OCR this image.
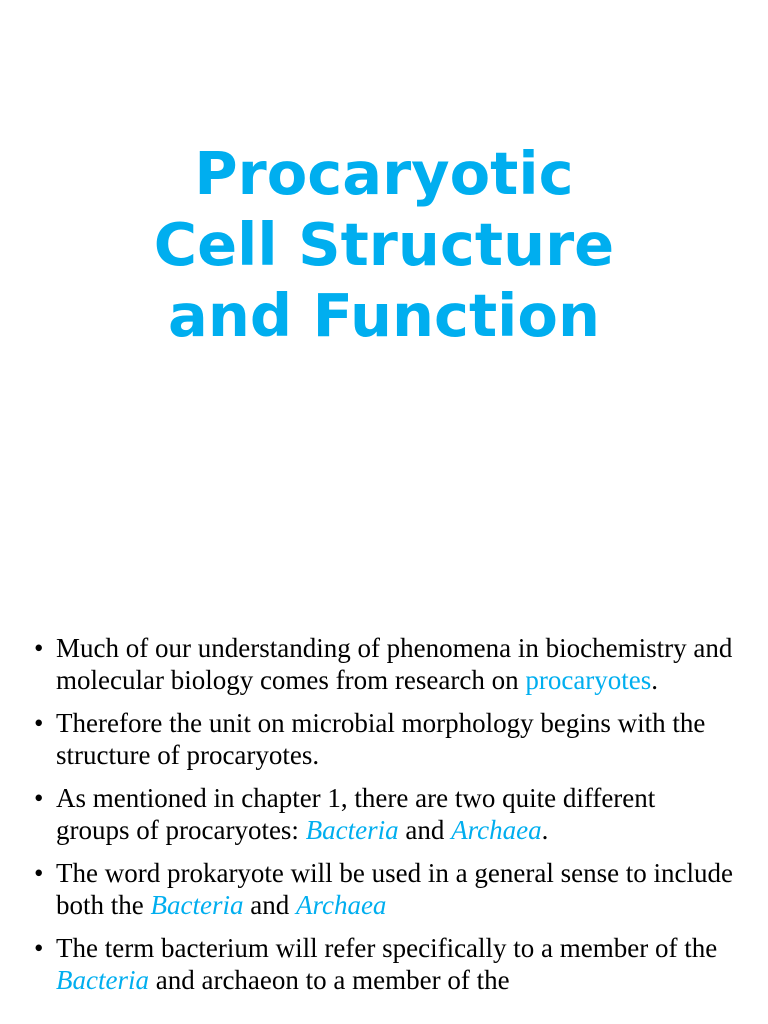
Procaryotic
Cell Structure
and Function
• Much of our understanding of phenomena in biochemistry and molecular biology comes from research on procaryotes.
• Therefore the unit on microbial morphology begins with the structure of procaryotes.
• As mentioned in chapter 1, there are two quite different groups of procaryotes: Bacteria and Archaea.
• The word prokaryote will be used in a general sense to include both the Bacteria and Archaea
• The term bacterium will refer specifically to a member of the Bacteria and archaeon to a member of the
